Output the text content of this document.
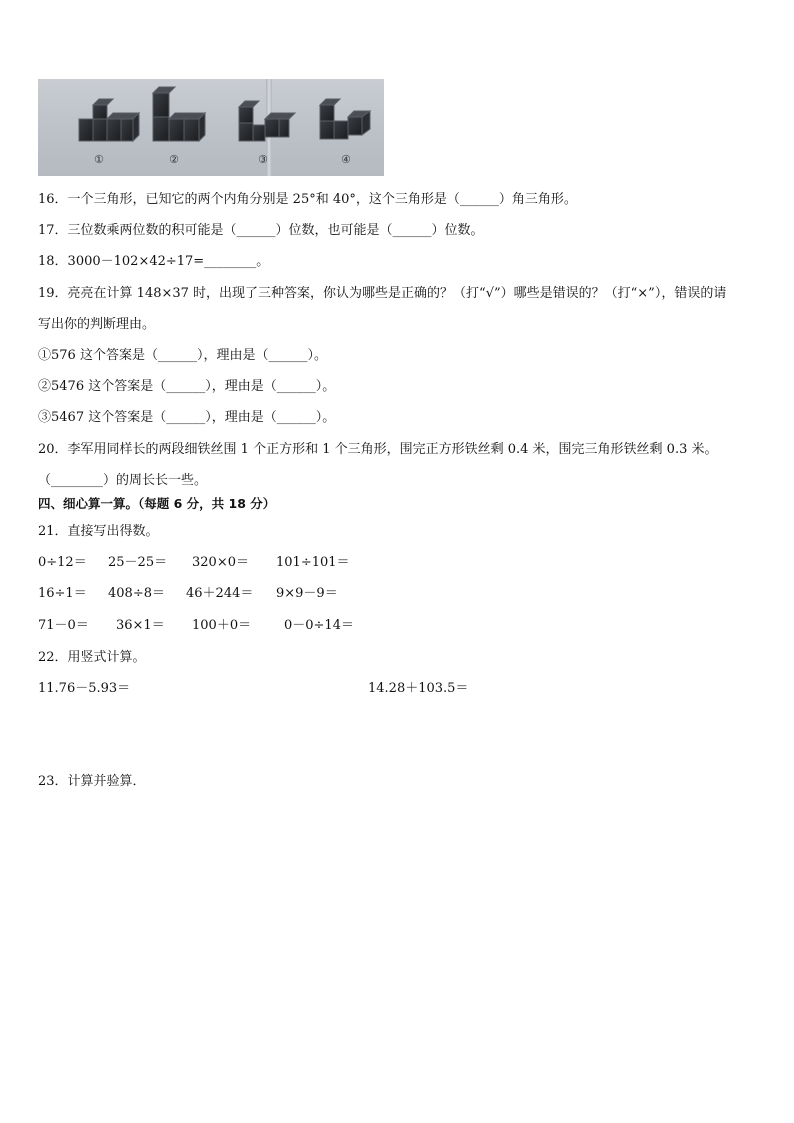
①	②	③	④
16．一个三角形，已知它的两个内角分别是 25°和 40°，这个三角形是（______）角三角形。
17．三位数乘两位数的积可能是（______）位数，也可能是（______）位数。
18．3000－102×42÷17=________。
19．亮亮在计算 148×37 时，出现了三种答案，你认为哪些是正确的？（打“√”）哪些是错误的？（打“×”），错误的请
写出你的判断理由。
①576 这个答案是（______），理由是（______）。
②5476 这个答案是（______），理由是（______）。
③5467 这个答案是（______），理由是（______）。
20．李军用同样长的两段细铁丝围 1 个正方形和 1 个三角形，围完正方形铁丝剩 0.4 米，围完三角形铁丝剩 0.3 米。
（________）的周长长一些。
四、细心算一算。（每题 6 分，共 18 分）
21．直接写出得数。
0÷12＝ 25－25＝ 320×0＝ 101÷101＝
16÷1＝ 408÷8＝ 46＋244＝ 9×9－9＝
71－0＝ 36×1＝ 100＋0＝	0－0÷14＝
22．用竖式计算。
11.76－5.93＝	14.28＋103.5＝
23．计算并验算．
